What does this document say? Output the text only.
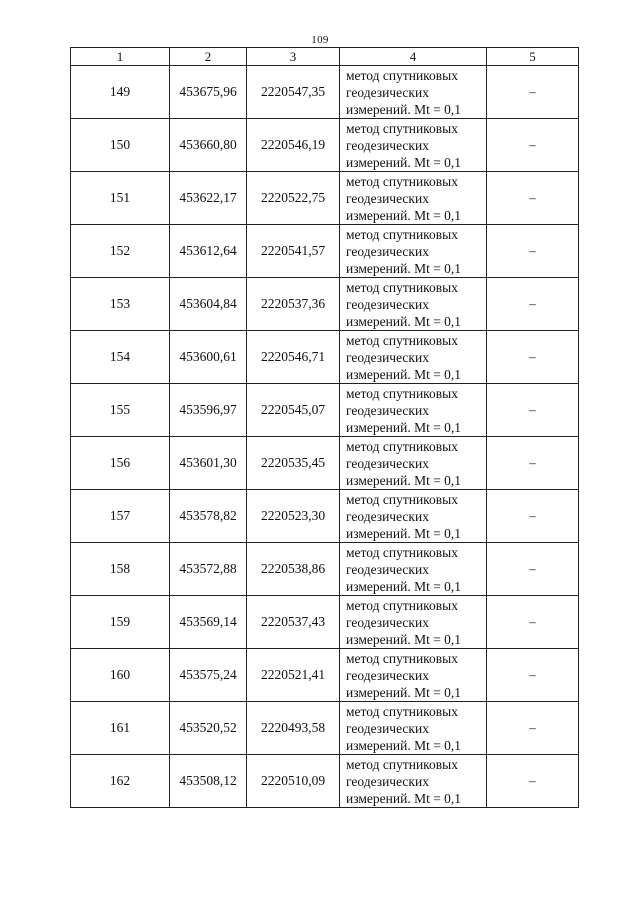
109
1	2	3	4	5
149	453675,96	2220547,35	метод спутниковых
геодезических
измерений. Mt = 0,1	–
150	453660,80	2220546,19	метод спутниковых
геодезических
измерений. Mt = 0,1	–
151	453622,17	2220522,75	метод спутниковых
геодезических
измерений. Mt = 0,1	–
152	453612,64	2220541,57	метод спутниковых
геодезических
измерений. Mt = 0,1	–
153	453604,84	2220537,36	метод спутниковых
геодезических
измерений. Mt = 0,1	–
154	453600,61	2220546,71	метод спутниковых
геодезических
измерений. Mt = 0,1	–
155	453596,97	2220545,07	метод спутниковых
геодезических
измерений. Mt = 0,1	–
156	453601,30	2220535,45	метод спутниковых
геодезических
измерений. Mt = 0,1	–
157	453578,82	2220523,30	метод спутниковых
геодезических
измерений. Mt = 0,1	–
158	453572,88	2220538,86	метод спутниковых
геодезических
измерений. Mt = 0,1	–
159	453569,14	2220537,43	метод спутниковых
геодезических
измерений. Mt = 0,1	–
160	453575,24	2220521,41	метод спутниковых
геодезических
измерений. Mt = 0,1	–
161	453520,52	2220493,58	метод спутниковых
геодезических
измерений. Mt = 0,1	–
162	453508,12	2220510,09	метод спутниковых
геодезических
измерений. Mt = 0,1	–
